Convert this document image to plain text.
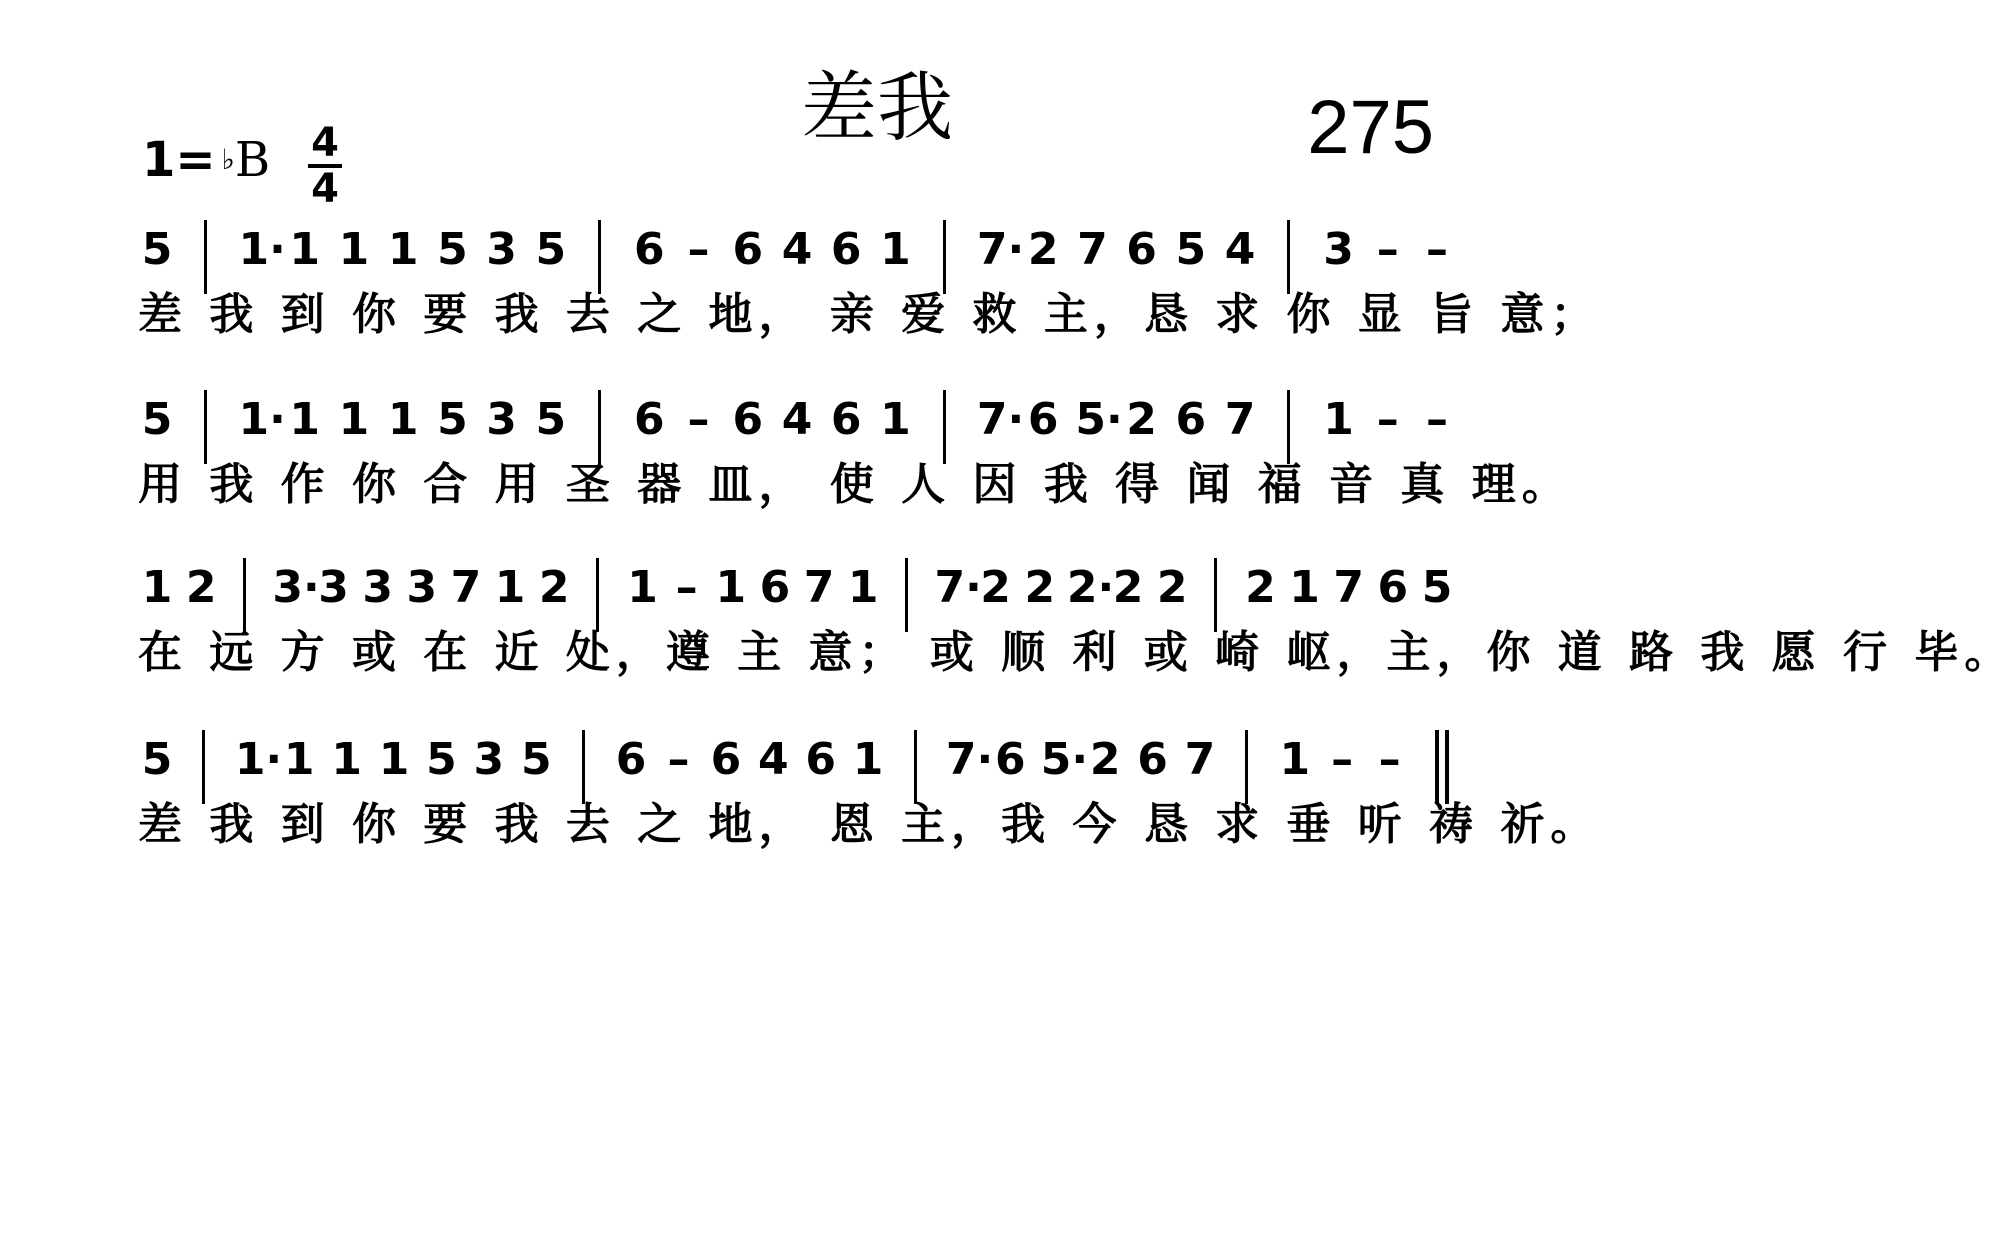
差我	275
1= ♭B	4
4
5 1· 1 1 1 5 3 5 6 – 6 4 6 1 7· 2 7 6 5 4 3 – –
差 我 到 你 要 我 去 之 地， 亲 爱 救 主，恳 求 你 显 旨 意；
5 1· 1 1 1 5 3 5 6 – 6 4 6 1 7· 6 5· 2 6 7 1 – –
用 我 作 你 合 用 圣 器 皿， 使 人 因 我 得 闻 福 音 真 理。
1 2 3·
3 3 3 7 1 2 1 – 1 6 7 1 7·
2 2 2·
2 2 2 1 7 6 5
在 远 方 或 在 近 处，遵 主 意； 或 顺 利 或 崎 岖，主，你 道 路 我 愿 行 毕。
5 1· 1 1 1 5 3 5 6 – 6 4 6 1 7· 6 5· 2 6 7 1 – –
差 我 到 你 要 我 去 之 地， 恩 主，我 今 恳 求 垂 听 祷 祈。
